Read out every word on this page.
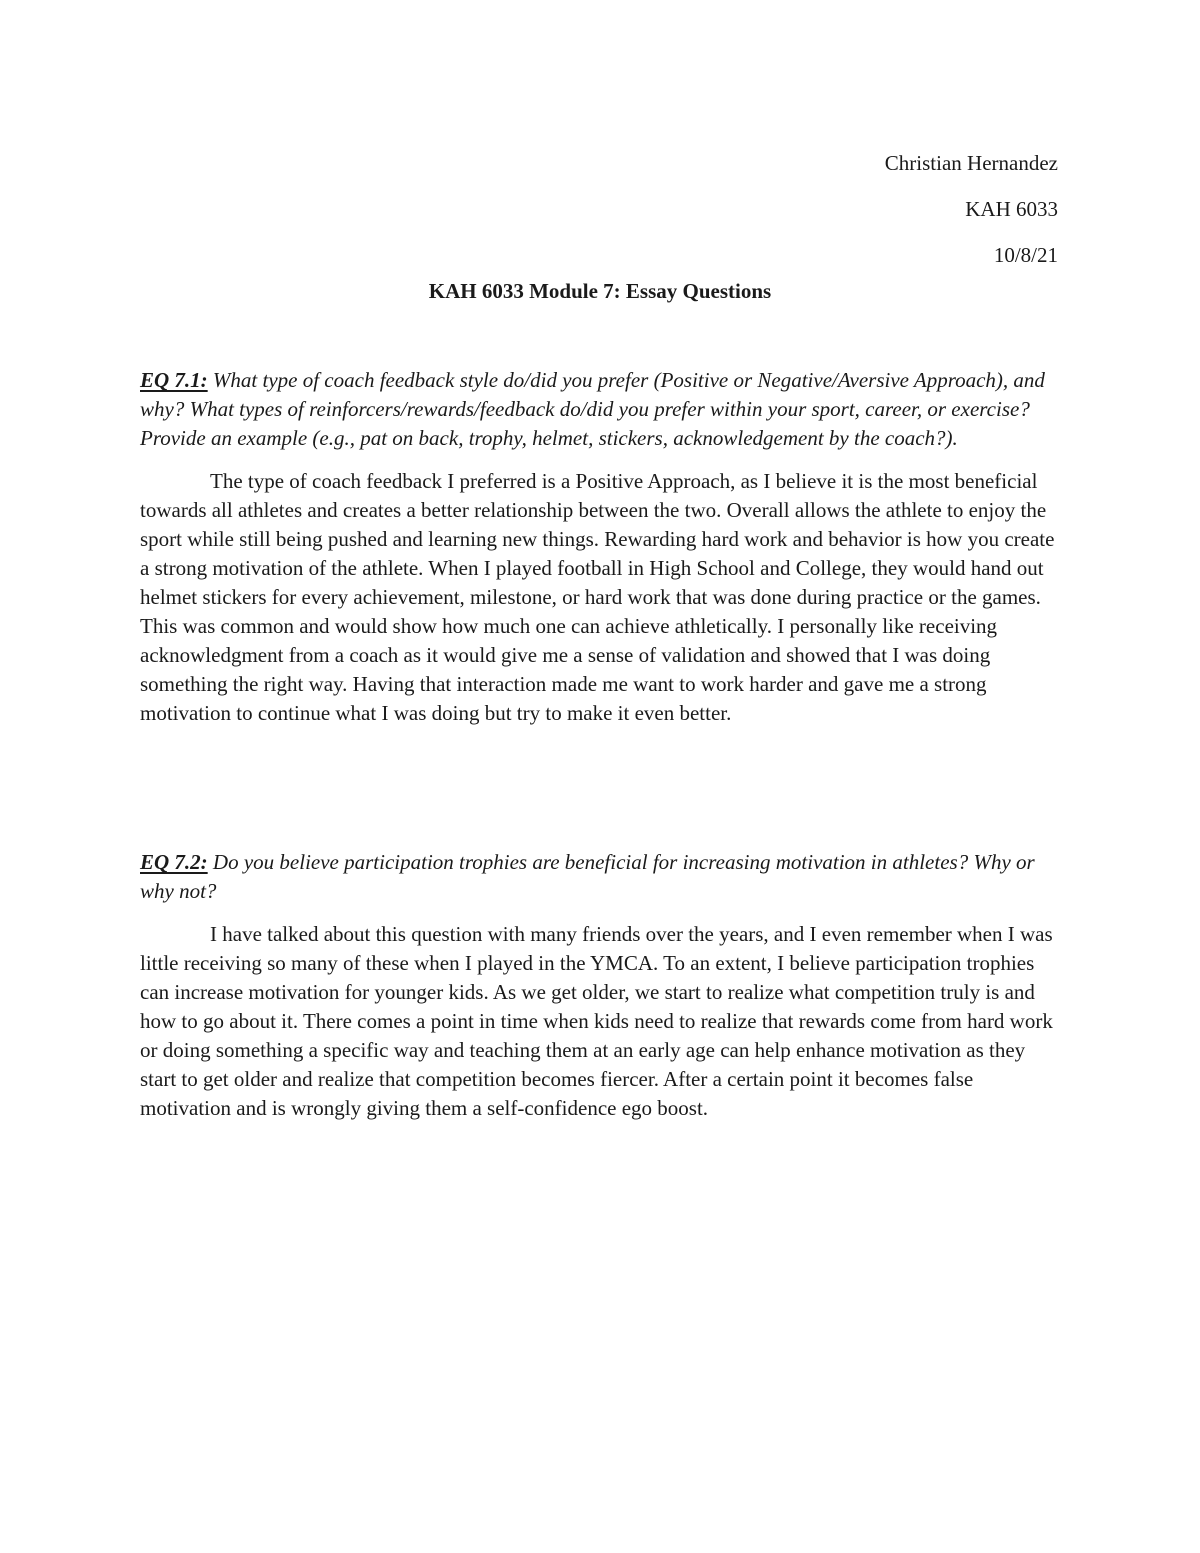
Christian Hernandez
KAH 6033
10/8/21
KAH 6033 Module 7: Essay Questions

EQ 7.1: What type of coach feedback style do/did you prefer (Positive or Negative/Aversive Approach), and why? What types of reinforcers/rewards/feedback do/did you prefer within your sport, career, or exercise? Provide an example (e.g., pat on back, trophy, helmet, stickers, acknowledgement by the coach?).

The type of coach feedback I preferred is a Positive Approach, as I believe it is the most beneficial towards all athletes and creates a better relationship between the two. Overall allows the athlete to enjoy the sport while still being pushed and learning new things. Rewarding hard work and behavior is how you create a strong motivation of the athlete. When I played football in High School and College, they would hand out helmet stickers for every achievement, milestone, or hard work that was done during practice or the games. This was common and would show how much one can achieve athletically. I personally like receiving acknowledgment from a coach as it would give me a sense of validation and showed that I was doing something the right way. Having that interaction made me want to work harder and gave me a strong motivation to continue what I was doing but try to make it even better.

EQ 7.2: Do you believe participation trophies are beneficial for increasing motivation in athletes? Why or why not?

I have talked about this question with many friends over the years, and I even remember when I was little receiving so many of these when I played in the YMCA. To an extent, I believe participation trophies can increase motivation for younger kids. As we get older, we start to realize what competition truly is and how to go about it. There comes a point in time when kids need to realize that rewards come from hard work or doing something a specific way and teaching them at an early age can help enhance motivation as they start to get older and realize that competition becomes fiercer. After a certain point it becomes false motivation and is wrongly giving them a self-confidence ego boost.
